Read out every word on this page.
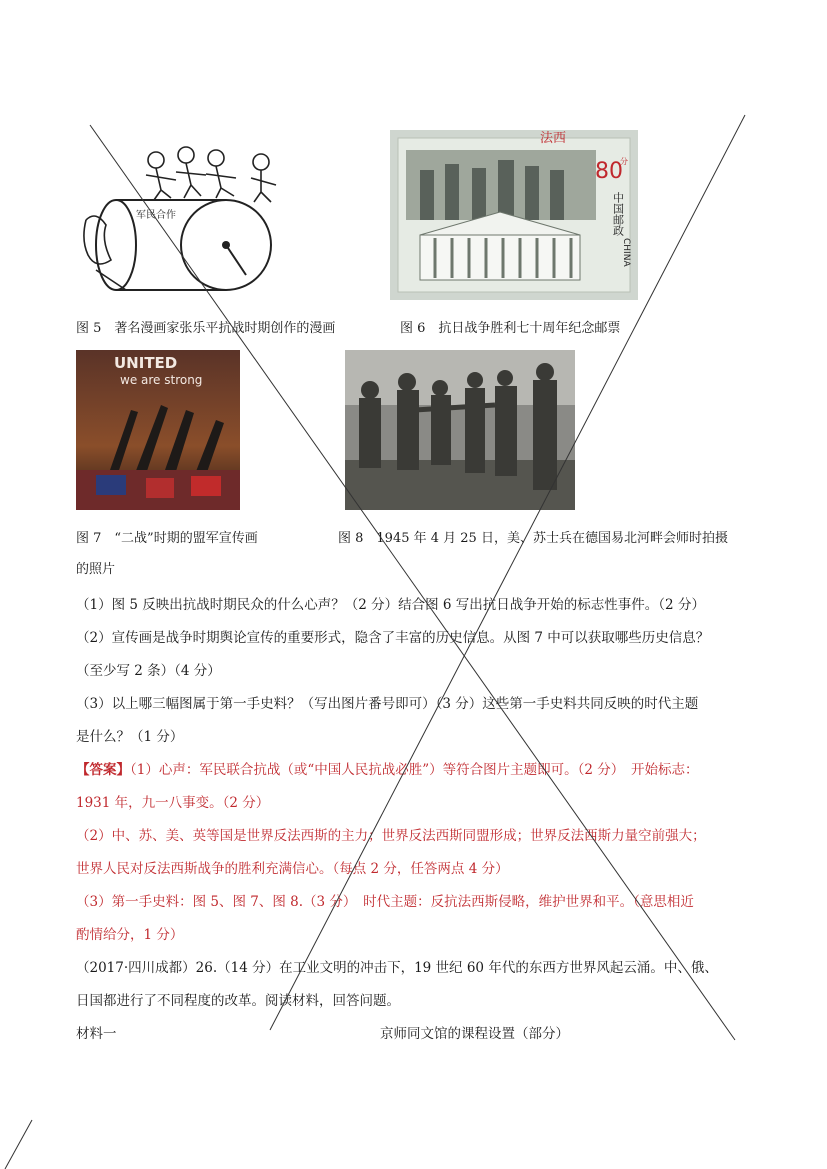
军民合作
图 5　著名漫画家张乐平抗战时期创作的漫画
80
分
中国邮政
CHINA
法西
图 6　抗日战争胜利七十周年纪念邮票
UNITED
we are strong
图 7　“二战”时期的盟军宣传画	图 8　1945 年 4 月 25 日，美、苏士兵在德国易北河畔会师时拍摄
的照片
（1）图 5 反映出抗战时期民众的什么心声？（2 分）结合图 6 写出抗日战争开始的标志性事件。（2 分）
（2）宣传画是战争时期舆论宣传的重要形式，隐含了丰富的历史信息。从图 7 中可以获取哪些历史信息？
（至少写 2 条）（4 分）
（3）以上哪三幅图属于第一手史料？（写出图片番号即可）（3 分）这些第一手史料共同反映的时代主题
是什么？（1 分）
【答案】（1）心声：军民联合抗战（或“中国人民抗战必胜”）等符合图片主题即可。（2 分）　开始标志：
1931 年，九一八事变。（2 分）
（2）中、苏、美、英等国是世界反法西斯的主力；世界反法西斯同盟形成；世界反法西斯力量空前强大；
世界人民对反法西斯战争的胜利充满信心。（每点 2 分，任答两点 4 分）
（3）第一手史料：图 5、图 7、图 8.（3 分）　时代主题：反抗法西斯侵略，维护世界和平。（意思相近
酌情给分，1 分）
（2017·四川成都）26.（14 分）在工业文明的冲击下，19 世纪 60 年代的东西方世界风起云涌。中、俄、
日国都进行了不同程度的改革。阅读材料，回答问题。
材料一	京师同文馆的课程设置（部分）
